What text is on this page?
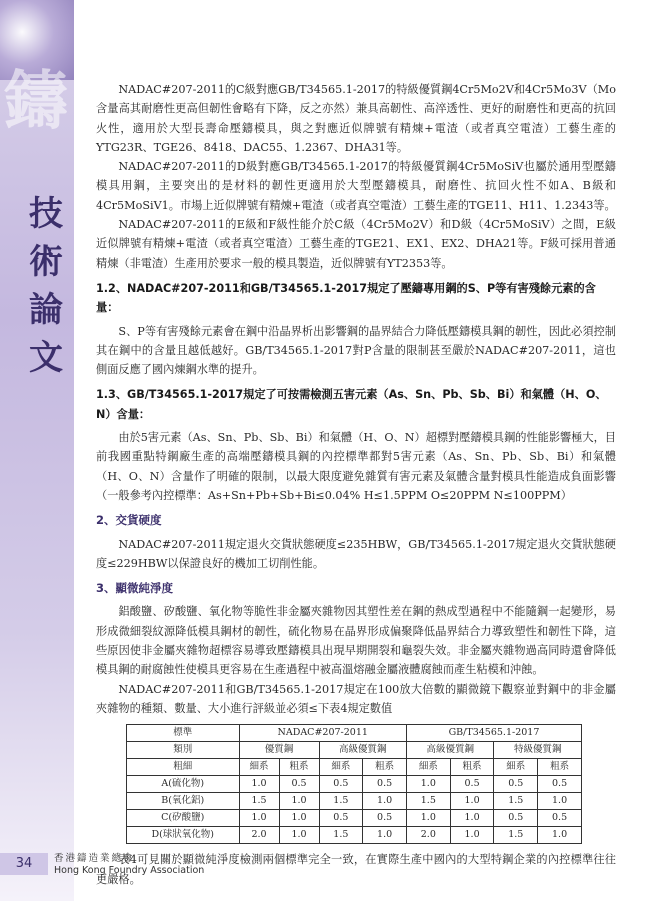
鑄
技
術
論
文

NADAC#207-2011的C級對應GB/T34565.1-2017的特級優質鋼4Cr5Mo2V和4Cr5Mo3V（Mo含量高其耐磨性更高但韌性會略有下降，反之亦然）兼具高韌性、高淬透性、更好的耐磨性和更高的抗回火性，適用於大型長壽命壓鑄模具，與之對應近似牌號有精煉+電渣（或者真空電渣）工藝生產的YTG23R、TGE26、8418、DAC55、1.2367、DHA31等。

NADAC#207-2011的D級對應GB/T34565.1-2017的特級優質鋼4Cr5MoSiV也屬於通用型壓鑄模具用鋼，主要突出的是材料的韌性更適用於大型壓鑄模具，耐磨性、抗回火性不如A、B級和4Cr5MoSiV1。市場上近似牌號有精煉+電渣（或者真空電渣）工藝生產的TGE11、H11、1.2343等。

NADAC#207-2011的E級和F級性能介於C級（4Cr5Mo2V）和D級（4Cr5MoSiV）之間，E級近似牌號有精煉+電渣（或者真空電渣）工藝生產的TGE21、EX1、EX2、DHA21等。F級可採用普通精煉（非電渣）生產用於要求一般的模具製造，近似牌號有YT2353等。

1.2、NADAC#207-2011和GB/T34565.1-2017規定了壓鑄專用鋼的S、P等有害殘餘元素的含量：

S、P等有害殘餘元素會在鋼中沿晶界析出影響鋼的晶界結合力降低壓鑄模具鋼的韌性，因此必須控制其在鋼中的含量且越低越好。GB/T34565.1-2017對P含量的限制甚至嚴於NADAC#207-2011，這也側面反應了國內煉鋼水準的提升。

1.3、GB/T34565.1-2017規定了可按需檢測五害元素（As、Sn、Pb、Sb、Bi）和氣體（H、O、N）含量：

由於5害元素（As、Sn、Pb、Sb、Bi）和氣體（H、O、N）超標對壓鑄模具鋼的性能影響極大，目前我國重點特鋼廠生產的高端壓鑄模具鋼的內控標準都對5害元素（As、Sn、Pb、Sb、Bi）和氣體（H、O、N）含量作了明確的限制，以最大限度避免雜質有害元素及氣體含量對模具性能造成負面影響（一般參考內控標準：As+Sn+Pb+Sb+Bi≤0.04% H≤1.5PPM O≤20PPM N≤100PPM）

2、交貨硬度

NADAC#207-2011規定退火交貨狀態硬度≤235HBW，GB/T34565.1-2017規定退火交貨狀態硬度≤229HBW以保證良好的機加工切削性能。

3、顯微純淨度

鋁酸鹽、矽酸鹽、氧化物等脆性非金屬夾雜物因其塑性差在鋼的熱成型過程中不能隨鋼一起變形，易形成微細裂紋源降低模具鋼材的韌性，硫化物易在晶界形成偏聚降低晶界結合力導致塑性和韌性下降，這些原因使非金屬夾雜物超標容易導致壓鑄模具出現早期開裂和龜裂失效。非金屬夾雜物過高同時還會降低模具鋼的耐腐蝕性使模具更容易在生產過程中被高溫熔融金屬液體腐蝕而產生粘模和沖蝕。

NADAC#207-2011和GB/T34565.1-2017規定在100放大倍數的顯微鏡下觀察並對鋼中的非金屬夾雜物的種類、數量、大小進行評級並必須≤下表4規定數值

標準	NADAC#207-2011				GB/T34565.1-2017			
類別	優質鋼		高級優質鋼		高級優質鋼		特級優質鋼	
粗細	細系	粗系	細系	粗系	細系	粗系	細系	粗系
A(硫化物)	1.0	0.5	0.5	0.5	1.0	0.5	0.5	0.5
B(氧化鋁)	1.5	1.0	1.5	1.0	1.5	1.0	1.5	1.0
C(矽酸鹽)	1.0	1.0	0.5	0.5	1.0	1.0	0.5	0.5
D(球狀氧化物)	2.0	1.0	1.5	1.0	2.0	1.0	1.5	1.0

表4可見關於顯微純淨度檢測兩個標準完全一致，在實際生產中國內的大型特鋼企業的內控標準往往更嚴格。

34	香港鑄造業總會
Hong Kong Foundry Association
